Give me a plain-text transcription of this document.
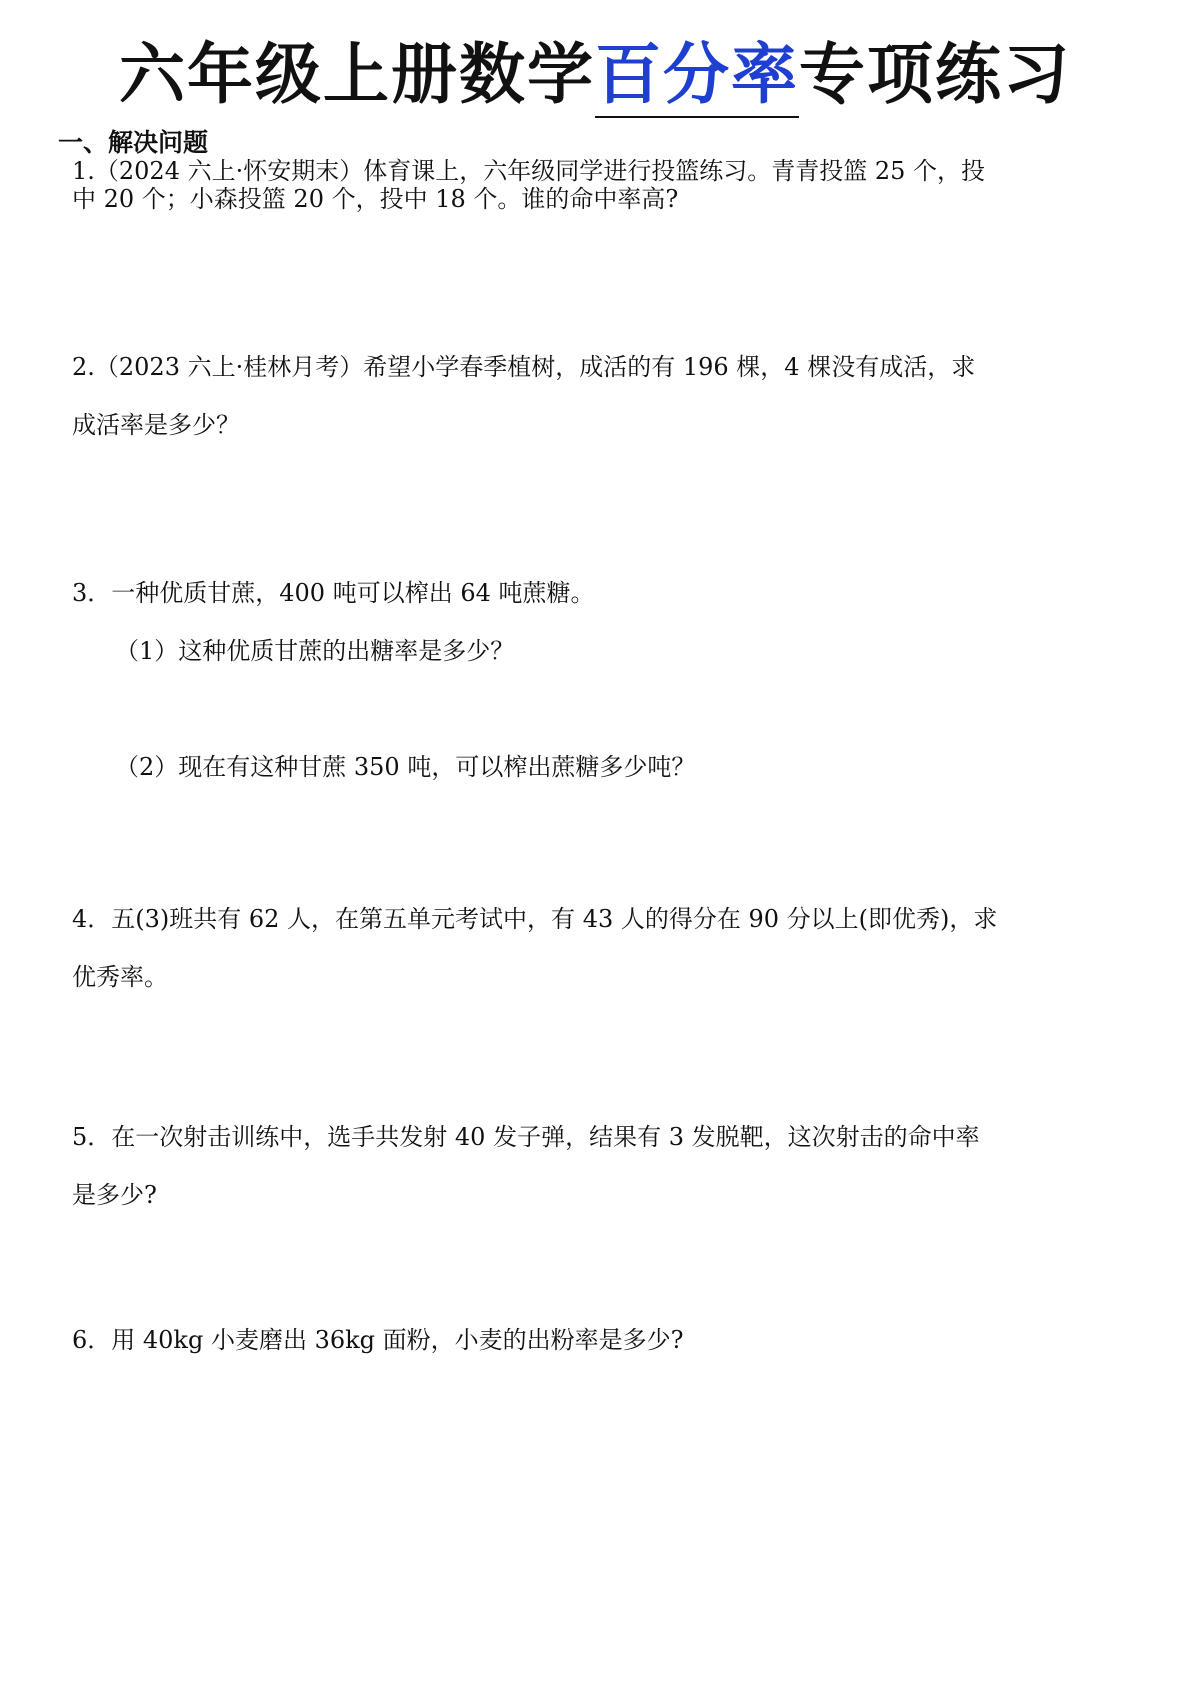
六年级上册数学百分率专项练习
一、解决问题
1.（2024 六上·怀安期末）体育课上，六年级同学进行投篮练习。青青投篮 25 个，投
中 20 个；小森投篮 20 个，投中 18 个。谁的命中率高?
2.（2023 六上·桂林月考）希望小学春季植树，成活的有 196 棵，4 棵没有成活，求
成活率是多少？
3．一种优质甘蔗，400 吨可以榨出 64 吨蔗糖。
（1）这种优质甘蔗的出糖率是多少？
（2）现在有这种甘蔗 350 吨，可以榨出蔗糖多少吨？
4．五(3)班共有 62 人，在第五单元考试中，有 43 人的得分在 90 分以上(即优秀)，求
优秀率。
5．在一次射击训练中，选手共发射 40 发子弹，结果有 3 发脱靶，这次射击的命中率
是多少?
6．用 40kg 小麦磨出 36kg 面粉，小麦的出粉率是多少?
